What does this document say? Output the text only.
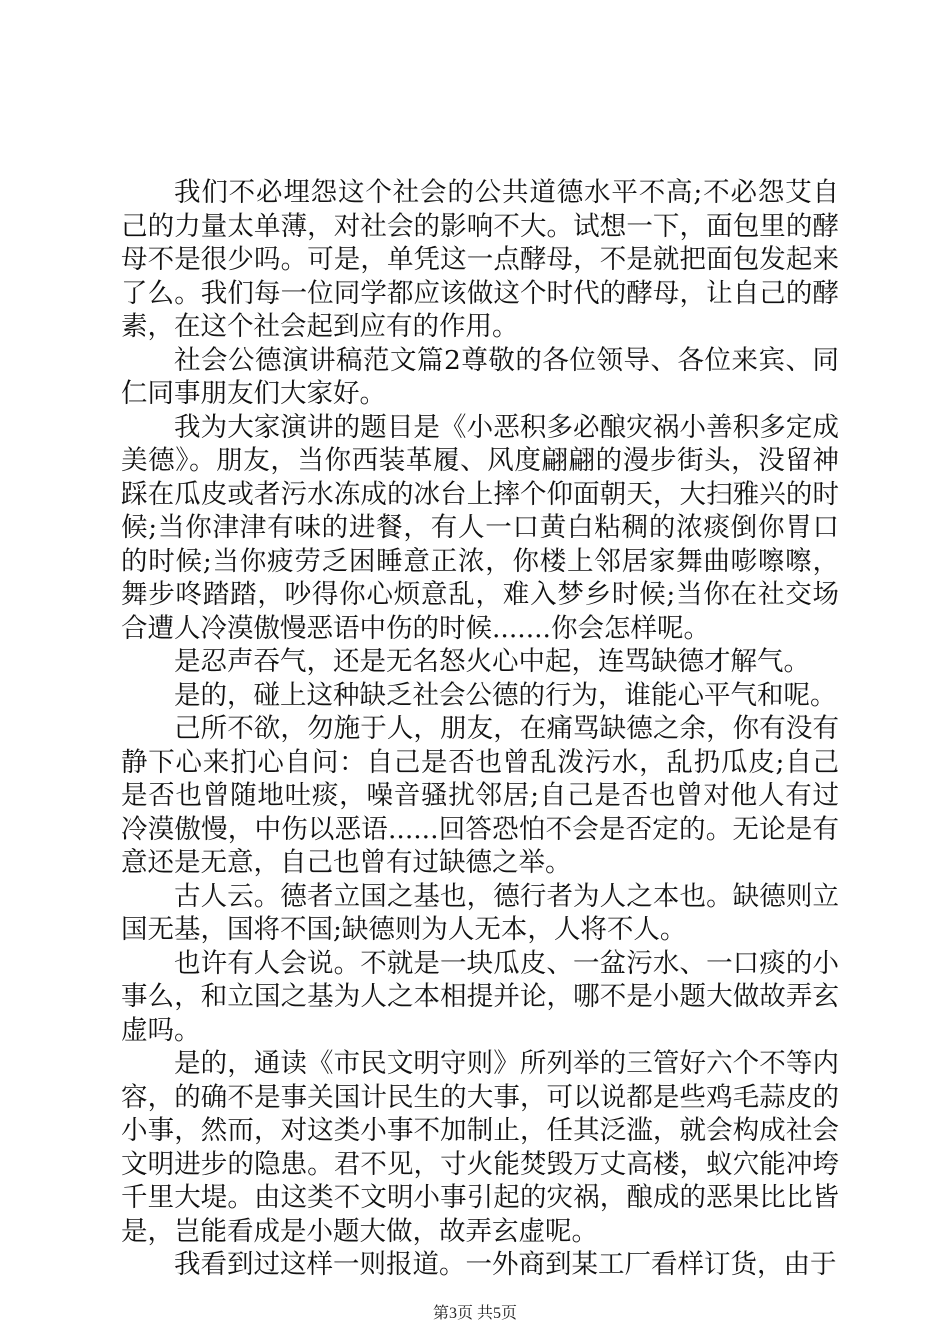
我们不必埋怨这个社会的公共道德水平不高;不必怨艾自己的力量太单薄，对社会的影响不大。试想一下，面包里的酵母不是很少吗。可是，单凭这一点酵母，不是就把面包发起来了么。我们每一位同学都应该做这个时代的酵母，让自己的酵素，在这个社会起到应有的作用。

社会公德演讲稿范文篇2尊敬的各位领导、各位来宾、同仁同事朋友们大家好。

我为大家演讲的题目是《小恶积多必酿灾祸小善积多定成美德》。朋友，当你西装革履、风度翩翩的漫步街头，没留神踩在瓜皮或者污水冻成的冰台上摔个仰面朝天，大扫雅兴的时候;当你津津有味的进餐，有人一口黄白粘稠的浓痰倒你胃口的时候;当你疲劳乏困睡意正浓，你楼上邻居家舞曲嘭嚓嚓，舞步咚踏踏，吵得你心烦意乱，难入梦乡时候;当你在社交场合遭人冷漠傲慢恶语中伤的时候.......你会怎样呢。

是忍声吞气，还是无名怒火心中起，连骂缺德才解气。

是的，碰上这种缺乏社会公德的行为，谁能心平气和呢。

己所不欲，勿施于人，朋友，在痛骂缺德之余，你有没有静下心来扪心自问：自己是否也曾乱泼污水，乱扔瓜皮;自己是否也曾随地吐痰，噪音骚扰邻居;自己是否也曾对他人有过冷漠傲慢，中伤以恶语......回答恐怕不会是否定的。无论是有意还是无意，自己也曾有过缺德之举。

古人云。德者立国之基也，德行者为人之本也。缺德则立国无基，国将不国;缺德则为人无本，人将不人。

也许有人会说。不就是一块瓜皮、一盆污水、一口痰的小事么，和立国之基为人之本相提并论，哪不是小题大做故弄玄虚吗。

是的，通读《市民文明守则》所列举的三管好六个不等内容，的确不是事关国计民生的大事，可以说都是些鸡毛蒜皮的小事，然而，对这类小事不加制止，任其泛滥，就会构成社会文明进步的隐患。君不见，寸火能焚毁万丈高楼，蚁穴能冲垮千里大堤。由这类不文明小事引起的灾祸，酿成的恶果比比皆是，岂能看成是小题大做，故弄玄虚呢。

我看到过这样一则报道。一外商到某工厂看样订货，由于

第3页 共5页
